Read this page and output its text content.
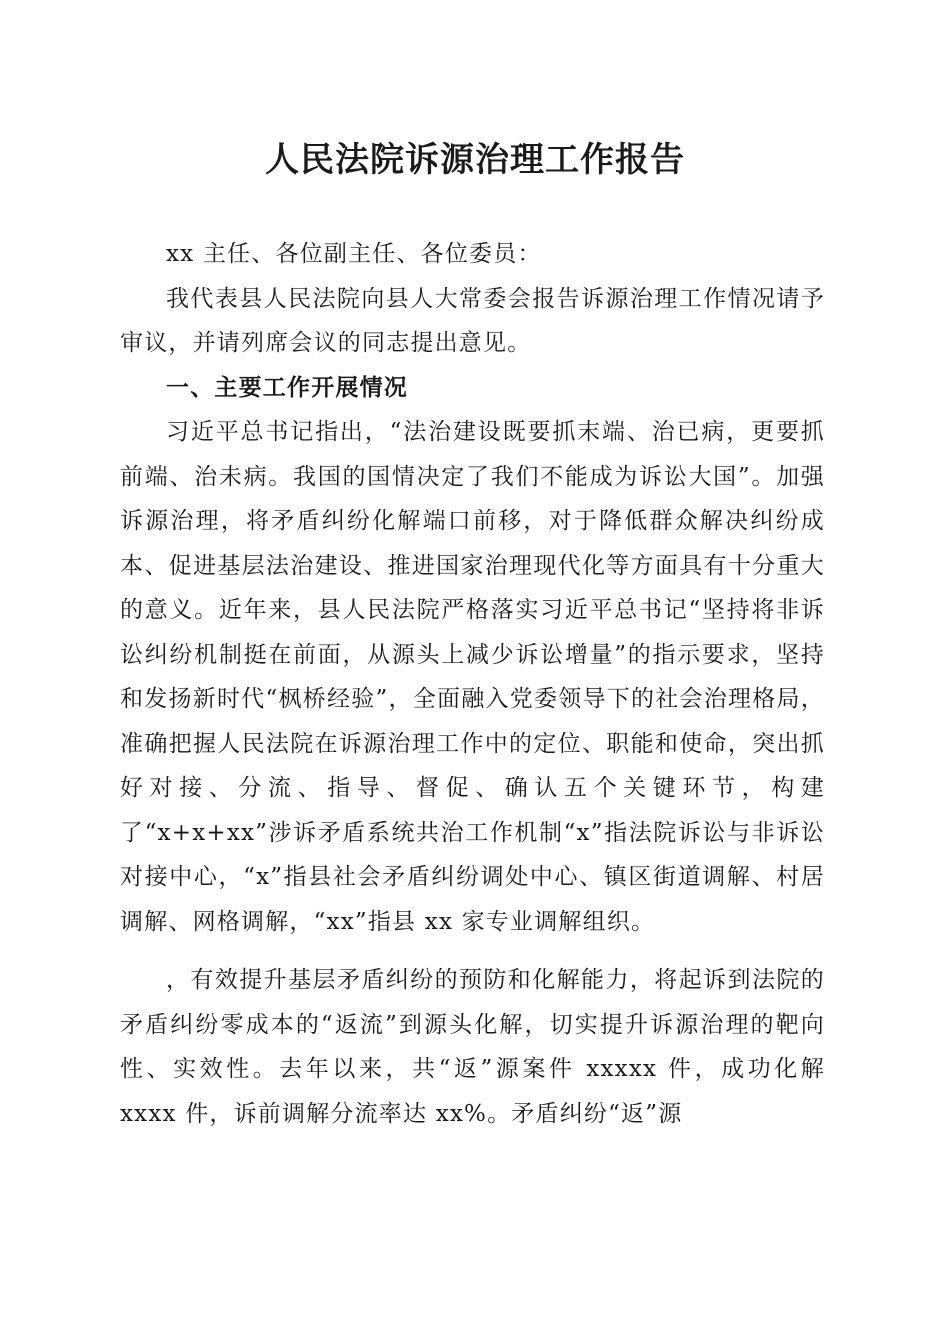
人民法院诉源治理工作报告

xx 主任、各位副主任、各位委员：

我代表县人民法院向县人大常委会报告诉源治理工作情况请予审议，并请列席会议的同志提出意见。

一、主要工作开展情况

习近平总书记指出，“法治建设既要抓末端、治已病，更要抓前端、治未病。我国的国情决定了我们不能成为诉讼大国”。加强诉源治理，将矛盾纠纷化解端口前移，对于降低群众解决纠纷成本、促进基层法治建设、推进国家治理现代化等方面具有十分重大的意义。近年来，县人民法院严格落实习近平总书记“坚持将非诉讼纠纷机制挺在前面，从源头上减少诉讼增量”的指示要求，坚持和发扬新时代“枫桥经验”，全面融入党委领导下的社会治理格局，准确把握人民法院在诉源治理工作中的定位、职能和使命，突出抓好对接、分流、指导、督促、确认五个关键环节，构建了“x+x+xx”涉诉矛盾系统共治工作机制“x”指法院诉讼与非诉讼对接中心，“x”指县社会矛盾纠纷调处中心、镇区街道调解、村居调解、网格调解，“xx”指县 xx 家专业调解组织。

，有效提升基层矛盾纠纷的预防和化解能力，将起诉到法院的矛盾纠纷零成本的“返流”到源头化解，切实提升诉源治理的靶向性、实效性。去年以来，共“返”源案件 xxxxx 件，成功化解 xxxx 件，诉前调解分流率达 xx%。矛盾纠纷“返”源
